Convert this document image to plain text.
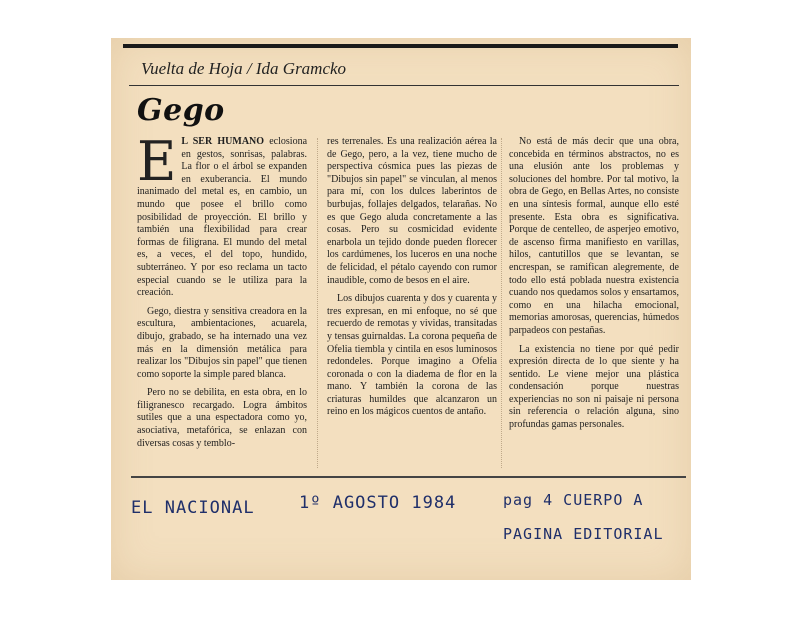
Vuelta de Hoja / Ida Gramcko
Gego

E L SER HUMANO eclosiona en gestos, sonrisas, palabras. La flor o el árbol se expanden en exuberancia. El mundo inanimado del metal es, en cambio, un mundo que posee el brillo como posibilidad de proyección. El brillo y también una flexibilidad para crear formas de filigrana. El mundo del metal es, a veces, el del topo, hundido, subterráneo. Y por eso reclama un tacto especial cuando se le utiliza para la creación.

Gego, diestra y sensitiva creadora en la escultura, ambientaciones, acuarela, dibujo, grabado, se ha internado una vez más en la dimensión metálica para realizar los "Dibujos sin papel" que tienen como soporte la simple pared blanca.

Pero no se debilita, en esta obra, en lo filigranesco recargado. Logra ámbitos sutiles que a una espectadora como yo, asociativa, metafórica, se enlazan con diversas cosas y temblo-

res terrenales. Es una realización aérea la de Gego, pero, a la vez, tiene mucho de perspectiva cósmica pues las piezas de "Dibujos sin papel" se vinculan, al menos para mí, con los dulces laberintos de burbujas, follajes delgados, telarañas. No es que Gego aluda concretamente a las cosas. Pero su cosmicidad evidente enarbola un tejido donde pueden florecer los cardúmenes, los luceros en una noche de felicidad, el pétalo cayendo con rumor inaudible, como de besos en el aire.

Los dibujos cuarenta y dos y cuarenta y tres expresan, en mi enfoque, no sé que recuerdo de remotas y vividas, transitadas y tensas guirnaldas. La corona pequeña de Ofelia tiembla y cintila en esos luminosos redondeles. Porque imagino a Ofelia coronada o con la diadema de flor en la mano. Y también la corona de las criaturas humildes que alcanzaron un reino en los mágicos cuentos de antaño.

No está de más decir que una obra, concebida en términos abstractos, no es una elusión ante los problemas y soluciones del hombre. Por tal motivo, la obra de Gego, en Bellas Artes, no consiste en una síntesis formal, aunque ello esté presente. Esta obra es significativa. Porque de centelleo, de asperjeo emotivo, de ascenso firma manifiesto en varillas, hilos, cantutillos que se levantan, se encrespan, se ramifican alegremente, de todo ello está poblada nuestra existencia cuando nos quedamos solos y ensartamos, como en una hilacha emocional, memorias amorosas, querencias, húmedos parpadeos con pestañas.

La existencia no tiene por qué pedir expresión directa de lo que siente y ha sentido. Le viene mejor una plástica condensación porque nuestras experiencias no son ni paisaje ni persona sin referencia o relación alguna, sino profundas gamas personales.

EL NACIONAL	1º AGOSTO 1984	pag 4 CUERPO A
PAGINA EDITORIAL
